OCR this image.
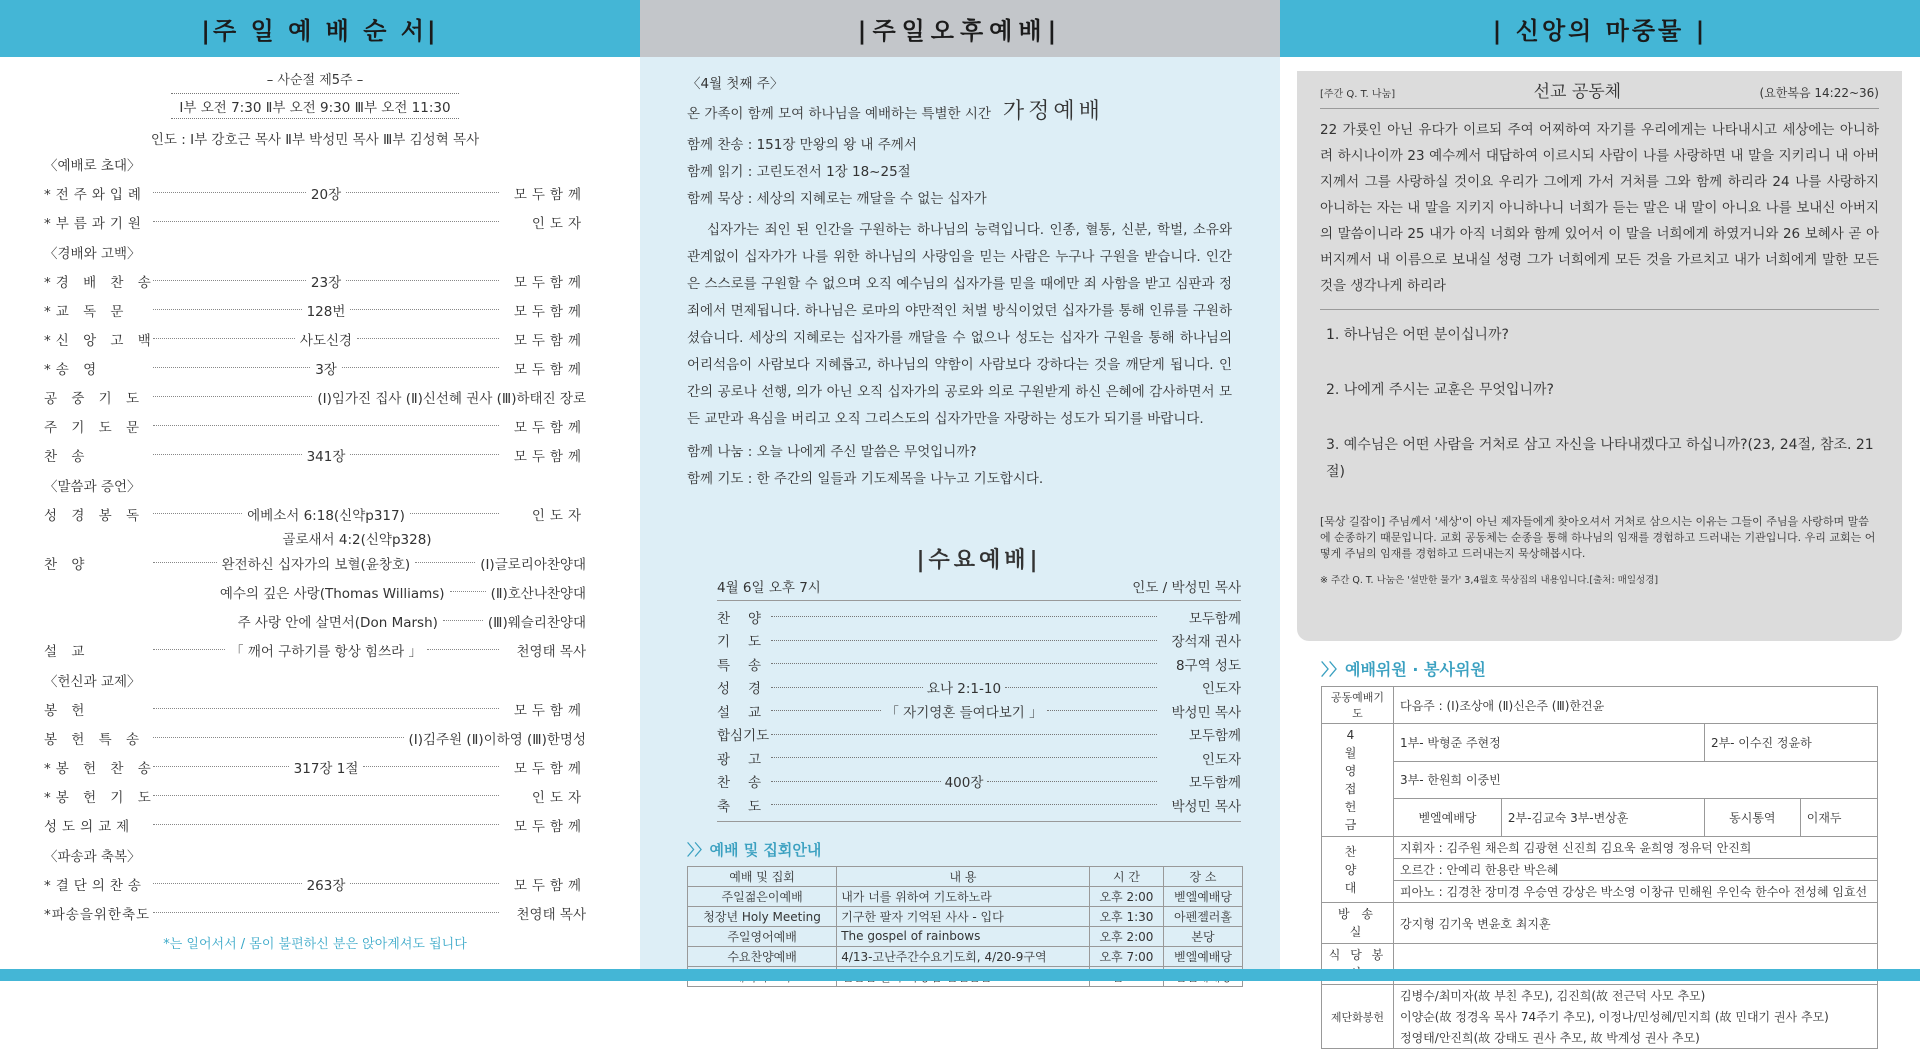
|주 일 예 배 순 서|
– 사순절 제5주 –
Ⅰ부 오전 7:30 Ⅱ부 오전 9:30 Ⅲ부 오전 11:30
인도 : Ⅰ부 강호근 목사 Ⅱ부 박성민 목사 Ⅲ부 김성혁 목사
〈예배로 초대〉
*전주와입례	20장	모두함께
*부름과기원	인도자
〈경배와 고백〉
*경 배 찬 송	23장	모두함께
*교 독 문	128번	모두함께
*신 앙 고 백	사도신경	모두함께
*송 영	3장	모두함께
공 중 기 도	(Ⅰ)임가진 집사 (Ⅱ)신선혜 권사 (Ⅲ)하태진 장로
주 기 도 문	모두함께
찬 송	341장	모두함께
〈말씀과 증언〉
성 경 봉 독	에베소서 6:18(신약p317)	인도자
골로새서 4:2(신약p328)
찬 양	완전하신 십자가의 보혈(윤창호)	(Ⅰ)글로리아찬양대
예수의 깊은 사랑(Thomas Williams)	(Ⅱ)호산나찬양대
주 사랑 안에 살면서(Don Marsh)	(Ⅲ)웨슬리찬양대
설 교	「 깨어 구하기를 항상 힘쓰라 」	천영태 목사
〈헌신과 교제〉
봉 헌	모두함께
봉 헌 특 송	(Ⅰ)김주원 (Ⅱ)이하영 (Ⅲ)한명성
*봉 헌 찬 송	317장 1절	모두함께
*봉 헌 기 도	인도자
성도의교제	모두함께
〈파송과 축복〉
*결단의찬송	263장	모두함께
*파송을위한축도	천영태 목사
*는 일어서서 / 몸이 불편하신 분은 앉아계셔도 됩니다
|주일오후예배|

〈4월 첫째 주〉

온 가족이 함께 모여 하나님을 예배하는 특별한 시간 가정예배

함께 찬송 : 151장 만왕의 왕 내 주께서

함께 읽기 : 고린도전서 1장 18~25절

함께 묵상 : 세상의 지혜로는 깨달을 수 없는 십자가

십자가는 죄인 된 인간을 구원하는 하나님의 능력입니다. 인종, 혈통, 신분, 학벌, 소유와 관계없이 십자가가 나를 위한 하나님의 사랑임을 믿는 사람은 누구나 구원을 받습니다. 인간은 스스로를 구원할 수 없으며 오직 예수님의 십자가를 믿을 때에만 죄 사함을 받고 심판과 정죄에서 면제됩니다. 하나님은 로마의 야만적인 처벌 방식이었던 십자가를 통해 인류를 구원하셨습니다. 세상의 지혜로는 십자가를 깨달을 수 없으나 성도는 십자가 구원을 통해 하나님의 어리석음이 사람보다 지혜롭고, 하나님의 약함이 사람보다 강하다는 것을 깨닫게 됩니다. 인간의 공로나 선행, 의가 아닌 오직 십자가의 공로와 의로 구원받게 하신 은혜에 감사하면서 모든 교만과 욕심을 버리고 오직 그리스도의 십자가만을 자랑하는 성도가 되기를 바랍니다.

함께 나눔 : 오늘 나에게 주신 말씀은 무엇입니까?

함께 기도 : 한 주간의 일들과 기도제목을 나누고 기도합시다.

|수요예배|
4월 6일 오후 7시	인도 / 박성민 목사
찬양	모두함께
기도	장석재 권사
특송	8구역 성도
성경	요나 2:1-10	인도자
설교	「 자기영혼 들여다보기 」	박성민 목사
합심기도	모두함께
광고	인도자
찬송	400장	모두함께
축도	박성민 목사
〉〉예배 및 집회안내
예배 및 집회	내 용	시 간	장 소
주일젊은이예배	내가 너를 위하여 기도하노라	오후 2:00	벧엘예배당
청장년 Holy Meeting	기구한 팔자 기억된 사사 - 입다	오후 1:30	아펜젤러홀
주일영어예배	The gospel of rainbows	오후 2:00	본당
수요찬양예배	4/13-고난주간수요기도회, 4/20-9구역	오후 7:00	벧엘예배당

| 신앙의 마중물 |
[주간 Q. T. 나눔]	선교 공동체	(요한복음 14:22~36)
22 가룟인 아닌 유다가 이르되 주여 어찌하여 자기를 우리에게는 나타내시고 세상에는 아니하려 하시나이까 23 예수께서 대답하여 이르시되 사람이 나를 사랑하면 내 말을 지키리니 내 아버지께서 그를 사랑하실 것이요 우리가 그에게 가서 거처를 그와 함께 하리라 24 나를 사랑하지 아니하는 자는 내 말을 지키지 아니하나니 너희가 듣는 말은 내 말이 아니요 나를 보내신 아버지의 말씀이니라 25 내가 아직 너희와 함께 있어서 이 말을 너희에게 하였거니와 26 보혜사 곧 아버지께서 내 이름으로 보내실 성령 그가 너희에게 모든 것을 가르치고 내가 너희에게 말한 모든 것을 생각나게 하리라
1. 하나님은 어떤 분이십니까?
2. 나에게 주시는 교훈은 무엇입니까?
3. 예수님은 어떤 사람을 거처로 삼고 자신을 나타내겠다고 하십니까?(23, 24절, 참조. 21절)
[묵상 길잡이] 주님께서 '세상'이 아닌 제자들에게 찾아오셔서 거처로 삼으시는 이유는 그들이 주님을 사랑하며 말씀에 순종하기 때문입니다. 교회 공동체는 순종을 통해 하나님의 임재를 경험하고 드러내는 기관입니다. 우리 교회는 어떻게 주님의 임재를 경험하고 드러내는지 묵상해봅시다.
※ 주간 Q. T. 나눔은 '설만한 물가' 3,4월호 묵상집의 내용입니다.[출처: 매일성경]
〉〉예배위원 · 봉사위원
공동예배기도	다음주 : (Ⅰ)조상애 (Ⅱ)신은주 (Ⅲ)한건윤			
4 월 영 접 헌 금	1부- 박형준 주현정		2부- 이수진 정윤하	
	3부- 한원희 이중빈			
	벧엘예배당	2부-김교숙 3부-변상훈	동시통역	이재두
찬 양 대	지휘자 : 김주원 채은희 김광현 신진희 김요욱 윤희영 정유덕 안진희			
	오르간 : 안예리 한용란 박은혜			
	피아노 : 김경찬 장미경 우승연 강상은 박소영 이창규 민해원 우인숙 한수아 전성혜 임효선			
방 송 실	강지형 김기욱 변윤호 최지훈			
식 당 봉				
제단화봉헌	김병수/최미자(故 부친 추모), 김진희(故 전근덕 사모 추모)			
	이양순(故 정경옥 목사 74주기 추모), 이정나/민성혜/민지희 (故 민대기 권사 추모)			
	정영태/안진희(故 강태도 권사 추모, 故 박계성 권사 추모)			
